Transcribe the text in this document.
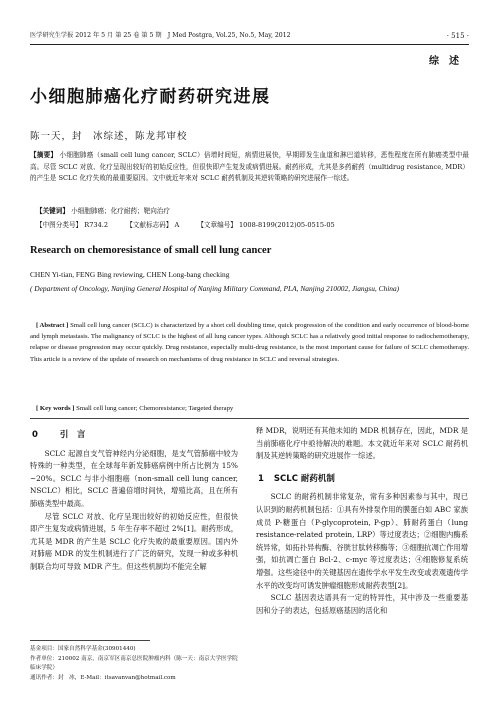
医学研究生学报 2012 年 5 月 第 25 卷 第 5 期　J Med Postgra, Vol.25, No.5, May, 2012	· 515 ·
综述
小细胞肺癌化疗耐药研究进展
陈一天，封　冰综述，陈龙邦审校
【摘要】 小细胞肺癌（small cell lung cancer, SCLC）倍增时间短，病情进展快，早期即发生血道和淋巴道转移，恶性程度在所有肺癌类型中最高。尽管 SCLC 对放、化疗呈现出较好的初始反应性，但很快即产生复发或病情进展。耐药形成，尤其是多药耐药（multidrug resistance, MDR）的产生是 SCLC 化疗失败的最重要原因。文中就近年来对 SCLC 耐药机制及其逆转策略的研究进展作一综述。
【关键词】 小细胞肺癌；化疗耐药；靶向治疗
【中图分类号】 R734.2	【文献标志码】 A	【文章编号】 1008-8199(2012)05-0515-05
Research on chemoresistance of small cell lung cancer
CHEN Yi-tian, FENG Bing reviewing, CHEN Long-bang checking
( Department of Oncology, Nanjing General Hospital of Nanjing Military Command, PLA, Nanjing 210002, Jiangsu, China)
[ Abstract ] Small cell lung cancer (SCLC) is characterized by a short cell doubling time, quick progression of the condition and early occurrence of blood-borne and lymph metastasis. The malignancy of SCLC is the highest of all lung cancer types. Although SCLC has a relatively good initial response to radiochemotherapy, relapse or disease progression may occur quickly. Drug resistance, especially multi-drug resistance, is the most important cause for failure of SCLC chemotherapy. This article is a review of the update of research on mechanisms of drug resistance in SCLC and reversal strategies.
[ Key words ] Small cell lung cancer; Chemoresistance; Targeted therapy
0	引　言

SCLC 起源自支气管神经内分泌细胞，是支气管肺癌中较为特殊的一种类型，在全球每年新发肺癌病例中所占比例为 15% ~20%。SCLC 与非小细胞癌（non-small cell lung cancer, NSCLC）相比，SCLC 普遍倍增时间快，增殖比高，且在所有肺癌类型中最高。

尽管 SCLC 对放、化疗呈现出较好的初始反应性，但很快即产生复发或病情进展，5 年生存率不超过 2%[1]。耐药形成，尤其是 MDR 的产生是 SCLC 化疗失败的最重要原因。国内外对肺癌 MDR 的发生机制进行了广泛的研究，发现一种或多种机制联合均可导致 MDR 产生。但这些机制均不能完全解

释 MDR，说明还有其他未知的 MDR 机制存在，因此，MDR 是当前肺癌化疗中亟待解决的难题。本文就近年来对 SCLC 耐药机制及其逆转策略的研究进展作一综述。

1 SCLC 耐药机制

SCLC 的耐药机制非常复杂，常有多种因素参与其中，现已认识到的耐药机制包括：①具有外排泵作用的膜蛋白如 ABC 家族成员 P-糖蛋白（P-glycoprotein, P-gp）、肺耐药蛋白（lung resistance-related protein, LRP）等过度表达；②细胞内酶系统异常，如拓扑异构酶、谷胱甘肽转移酶等；③细胞抗凋亡作用增强，如抗凋亡蛋白 Bcl-2、c-myc 等过度表达；④细胞修复系统增强。这些途径中的关键基因在遗传学水平发生改变或表观遗传学水平的改变均可诱发肿瘤细胞形成耐药表型[2]。

SCLC 基因表达谱具有一定的特异性，其中涉及一些重要基因和分子的表达，包括原癌基因的活化和

基金项目：国家自然科学基金(30901440)
作者单位：210002 南京，南京军区南京总医院肿瘤内科（陈一天：南京大学医学院临床学院）
通讯作者：封　冰，E-Mail：itsavanvan@hotmail.com
